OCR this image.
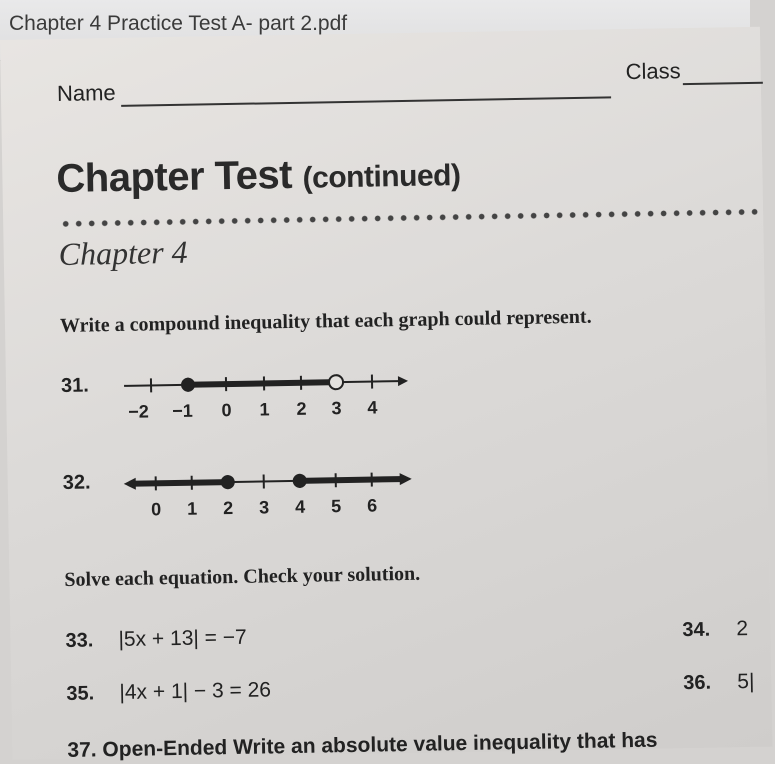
Chapter 4 Practice Test A- part 2.pdf
Name
Class
Chapter Test (continued)
Chapter 4
Write a compound inequality that each graph could represent.
31.
−2 −1 0 1 2 3 4
32.
0 1 2 3 4 5 6
Solve each equation. Check your solution.
33. |5x + 13| = −7	34. 2
35. |4x + 1| − 3 = 26	36. 5|
37. Open-Ended Write an absolute value inequality that has
